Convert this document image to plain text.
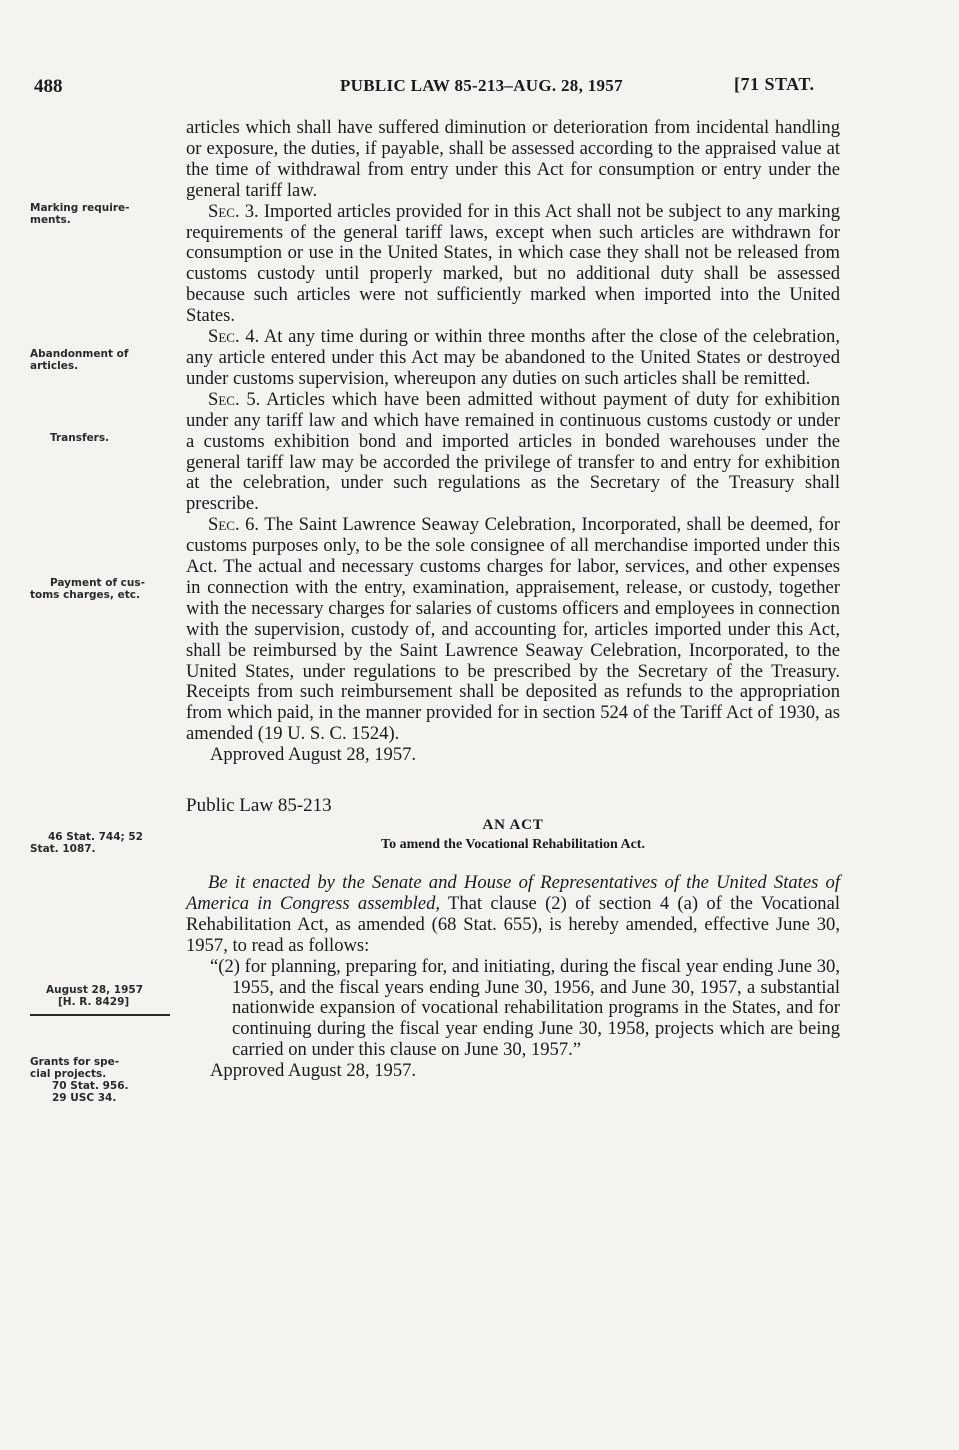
488	PUBLIC LAW 85-213–AUG. 28, 1957	[71 STAT.
Marking require-
ments.
Abandonment of
articles.
Transfers.
Payment of cus-
toms charges, etc.
46 Stat. 744; 52
Stat. 1087.
August 28, 1957
[H. R. 8429]
Grants for spe-
cial projects.
70 Stat. 956.
29 USC 34.

articles which shall have suffered diminution or deterioration from incidental handling or exposure, the duties, if payable, shall be assessed according to the appraised value at the time of withdrawal from entry under this Act for consumption or entry under the general tariff law.

Sec. 3. Imported articles provided for in this Act shall not be subject to any marking requirements of the general tariff laws, except when such articles are withdrawn for consumption or use in the United States, in which case they shall not be released from customs custody until properly marked, but no additional duty shall be assessed because such articles were not sufficiently marked when imported into the United States.

Sec. 4. At any time during or within three months after the close of the celebration, any article entered under this Act may be abandoned to the United States or destroyed under customs supervision, whereupon any duties on such articles shall be remitted.

Sec. 5. Articles which have been admitted without payment of duty for exhibition under any tariff law and which have remained in continuous customs custody or under a customs exhibition bond and imported articles in bonded warehouses under the general tariff law may be accorded the privilege of transfer to and entry for exhibition at the celebration, under such regulations as the Secretary of the Treasury shall prescribe.

Sec. 6. The Saint Lawrence Seaway Celebration, Incorporated, shall be deemed, for customs purposes only, to be the sole consignee of all merchandise imported under this Act. The actual and necessary customs charges for labor, services, and other expenses in connection with the entry, examination, appraisement, release, or custody, together with the necessary charges for salaries of customs officers and employees in connection with the supervision, custody of, and accounting for, articles imported under this Act, shall be reimbursed by the Saint Lawrence Seaway Celebration, Incorporated, to the United States, under regulations to be prescribed by the Secretary of the Treasury. Receipts from such reimbursement shall be deposited as refunds to the appropriation from which paid, in the manner provided for in section 524 of the Tariff Act of 1930, as amended (19 U. S. C. 1524).

Approved August 28, 1957.

Public Law 85-213

AN ACT

To amend the Vocational Rehabilitation Act.

Be it enacted by the Senate and House of Representatives of the United States of America in Congress assembled, That clause (2) of section 4 (a) of the Vocational Rehabilitation Act, as amended (68 Stat. 655), is hereby amended, effective June 30, 1957, to read as follows:

“(2) for planning, preparing for, and initiating, during the fiscal year ending June 30, 1955, and the fiscal years ending June 30, 1956, and June 30, 1957, a substantial nationwide expansion of vocational rehabilitation programs in the States, and for continuing during the fiscal year ending June 30, 1958, projects which are being carried on under this clause on June 30, 1957.”

Approved August 28, 1957.
